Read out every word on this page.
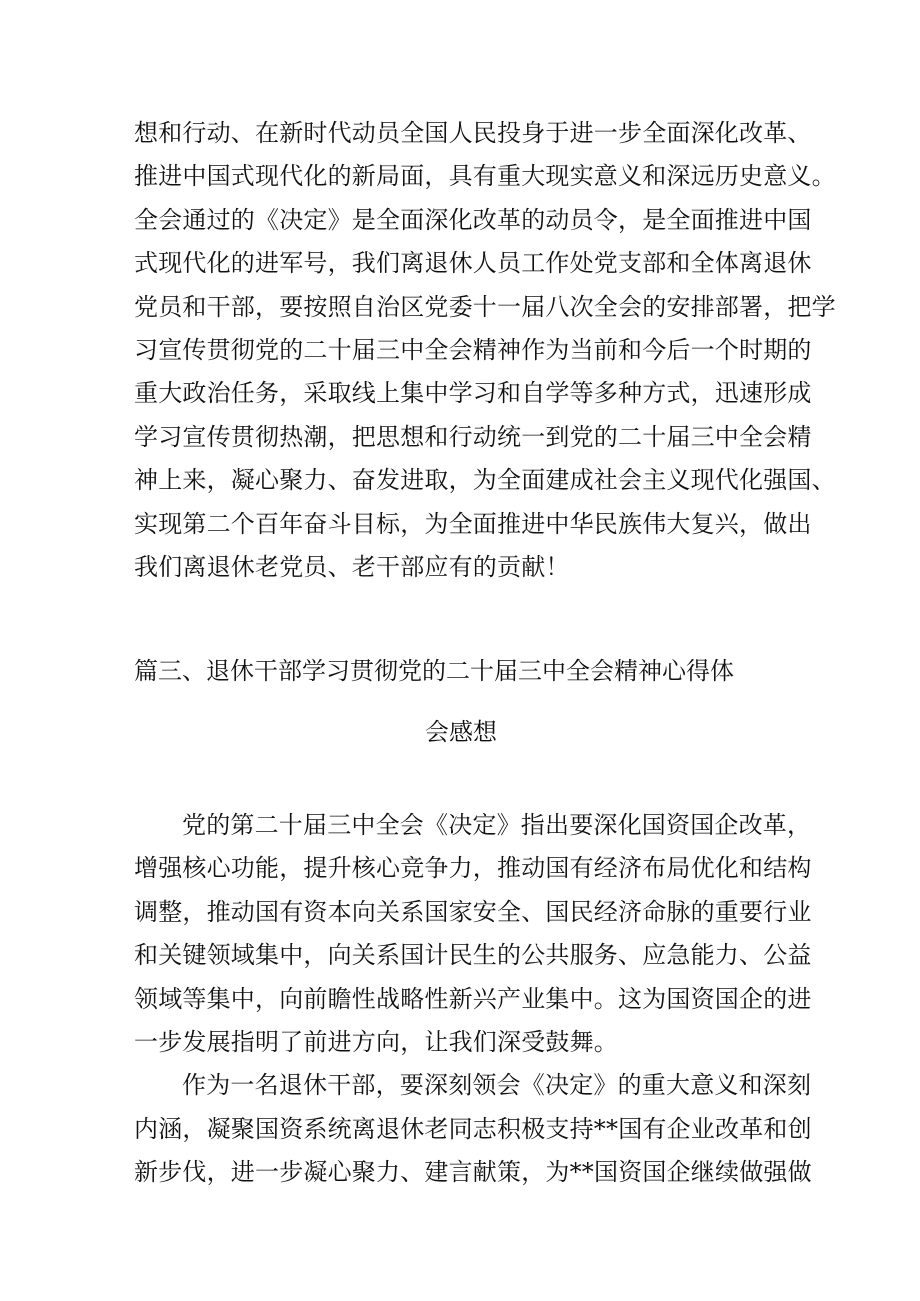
想和行动、在新时代动员全国人民投身于进一步全面深化改革、
推进中国式现代化的新局面，具有重大现实意义和深远历史意义。
全会通过的《决定》是全面深化改革的动员令，是全面推进中国
式现代化的进军号，我们离退休人员工作处党支部和全体离退休
党员和干部，要按照自治区党委十一届八次全会的安排部署，把学
习宣传贯彻党的二十届三中全会精神作为当前和今后一个时期的
重大政治任务，采取线上集中学习和自学等多种方式，迅速形成
学习宣传贯彻热潮，把思想和行动统一到党的二十届三中全会精
神上来，凝心聚力、奋发进取，为全面建成社会主义现代化强国、
实现第二个百年奋斗目标，为全面推进中华民族伟大复兴，做出
我们离退休老党员、老干部应有的贡献！
篇三、退休干部学习贯彻党的二十届三中全会精神心得体
会感想
党的第二十届三中全会《决定》指出要深化国资国企改革，
增强核心功能，提升核心竞争力，推动国有经济布局优化和结构
调整，推动国有资本向关系国家安全、国民经济命脉的重要行业
和关键领域集中，向关系国计民生的公共服务、应急能力、公益
领域等集中，向前瞻性战略性新兴产业集中。这为国资国企的进
一步发展指明了前进方向，让我们深受鼓舞。
作为一名退休干部，要深刻领会《决定》的重大意义和深刻
内涵，凝聚国资系统离退休老同志积极支持**国有企业改革和创
新步伐，进一步凝心聚力、建言献策，为**国资国企继续做强做
